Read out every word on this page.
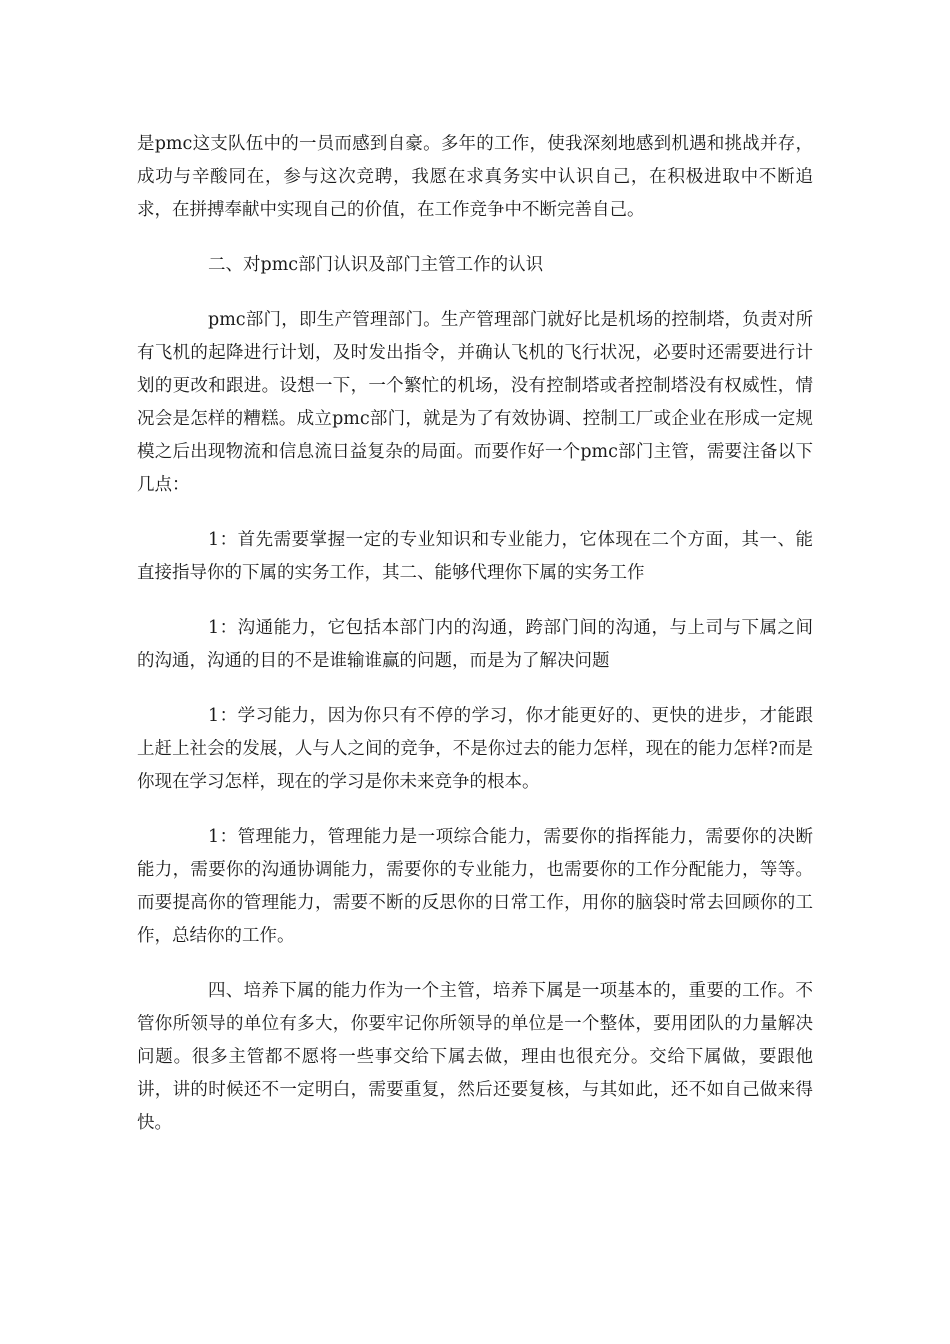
是pmc这支队伍中的一员而感到自豪。多年的工作，使我深刻地感到机遇和挑战并存，成功与辛酸同在，参与这次竞聘，我愿在求真务实中认识自己，在积极进取中不断追求，在拼搏奉献中实现自己的价值，在工作竞争中不断完善自己。

二、对pmc部门认识及部门主管工作的认识

pmc部门，即生产管理部门。生产管理部门就好比是机场的控制塔，负责对所有飞机的起降进行计划，及时发出指令，并确认飞机的飞行状况，必要时还需要进行计划的更改和跟进。设想一下，一个繁忙的机场，没有控制塔或者控制塔没有权威性，情况会是怎样的糟糕。成立pmc部门，就是为了有效协调、控制工厂或企业在形成一定规模之后出现物流和信息流日益复杂的局面。而要作好一个pmc部门主管，需要注备以下几点：

1：首先需要掌握一定的专业知识和专业能力，它体现在二个方面，其一、能直接指导你的下属的实务工作，其二、能够代理你下属的实务工作

1：沟通能力，它包括本部门内的沟通，跨部门间的沟通，与上司与下属之间的沟通，沟通的目的不是谁输谁赢的问题，而是为了解决问题

1：学习能力，因为你只有不停的学习，你才能更好的、更快的进步，才能跟上赶上社会的发展，人与人之间的竞争，不是你过去的能力怎样，现在的能力怎样?而是你现在学习怎样，现在的学习是你未来竞争的根本。

1：管理能力，管理能力是一项综合能力，需要你的指挥能力，需要你的决断能力，需要你的沟通协调能力，需要你的专业能力，也需要你的工作分配能力，等等。而要提高你的管理能力，需要不断的反思你的日常工作，用你的脑袋时常去回顾你的工作，总结你的工作。

四、培养下属的能力作为一个主管，培养下属是一项基本的，重要的工作。不管你所领导的单位有多大，你要牢记你所领导的单位是一个整体，要用团队的力量解决问题。很多主管都不愿将一些事交给下属去做，理由也很充分。交给下属做，要跟他讲，讲的时候还不一定明白，需要重复，然后还要复核，与其如此，还不如自己做来得快。
